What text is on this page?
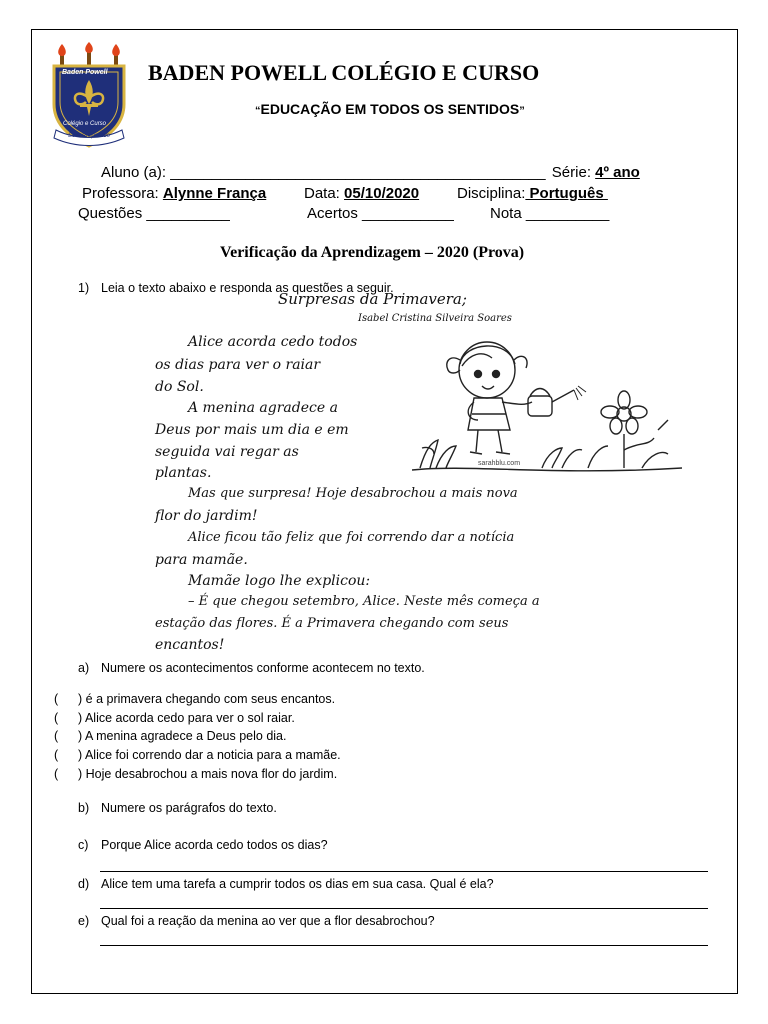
Baden Powell
Colégio e Curso
Sem Preparado
BADEN POWELL COLÉGIO E CURSO
“EDUCAÇÃO EM TODOS OS SENTIDOS”
Aluno (a): _____________________________________________ Série: 4º ano
Professora: Alynne França	Data: 05/10/2020	Disciplina: Português
Questões __________	Acertos ___________ Nota __________
Verificação da Aprendizagem – 2020 (Prova)
1) Leia o texto abaixo e responda as questões a seguir.
Surpresas da Primavera;
Isabel Cristina Silveira Soares
Alice acorda cedo todos
os dias para ver o raiar
do Sol.
A menina agradece a
Deus por mais um dia e em
seguida vai regar as
plantas.
Mas que surpresa! Hoje desabrochou a mais nova
flor do jardim!
Alice ficou tão feliz que foi correndo dar a notícia
para mamãe.
Mamãe logo lhe explicou:
– É que chegou setembro, Alice. Neste mês começa a
estação das flores. É a Primavera chegando com seus
encantos!
sarahblu.com
a) Numere os acontecimentos conforme acontecem no texto.
( ) é a primavera chegando com seus encantos.
( ) Alice acorda cedo para ver o sol raiar.
( ) A menina agradece a Deus pelo dia.
( ) Alice foi correndo dar a noticia para a mamãe.
( ) Hoje desabrochou a mais nova flor do jardim.
b) Numere os parágrafos do texto.
c) Porque Alice acorda cedo todos os dias?
d) Alice tem uma tarefa a cumprir todos os dias em sua casa. Qual é ela?
e) Qual foi a reação da menina ao ver que a flor desabrochou?
